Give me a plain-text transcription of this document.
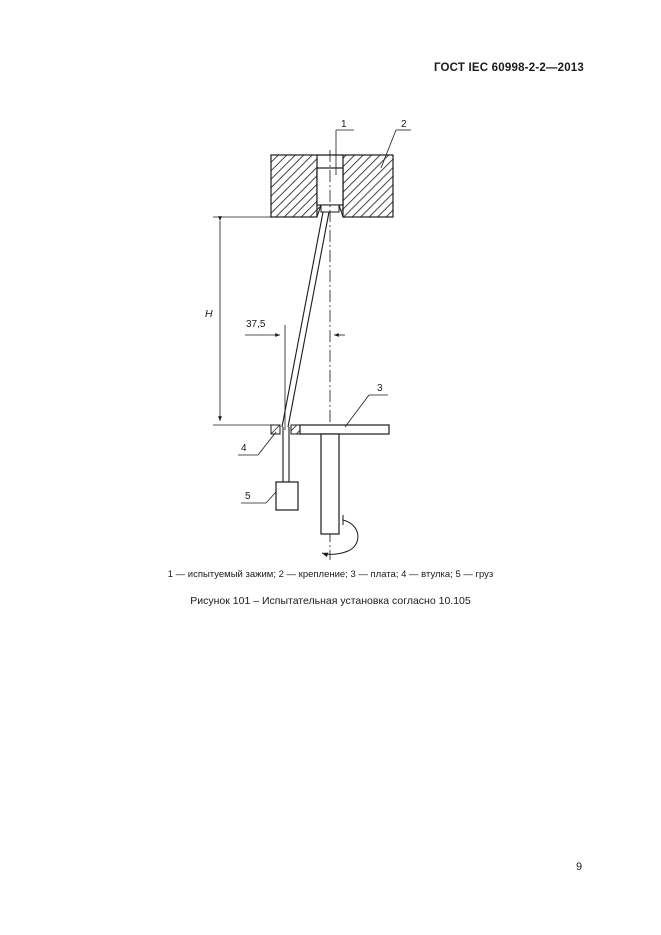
ГОСТ IEC 60998-2-2—2013
H
37,5
1	2
3
4
5
1 — испытуемый зажим; 2 — крепление; 3 — плата; 4 — втулка; 5 — груз
Рисунок 101 – Испытательная установка согласно 10.105
9
